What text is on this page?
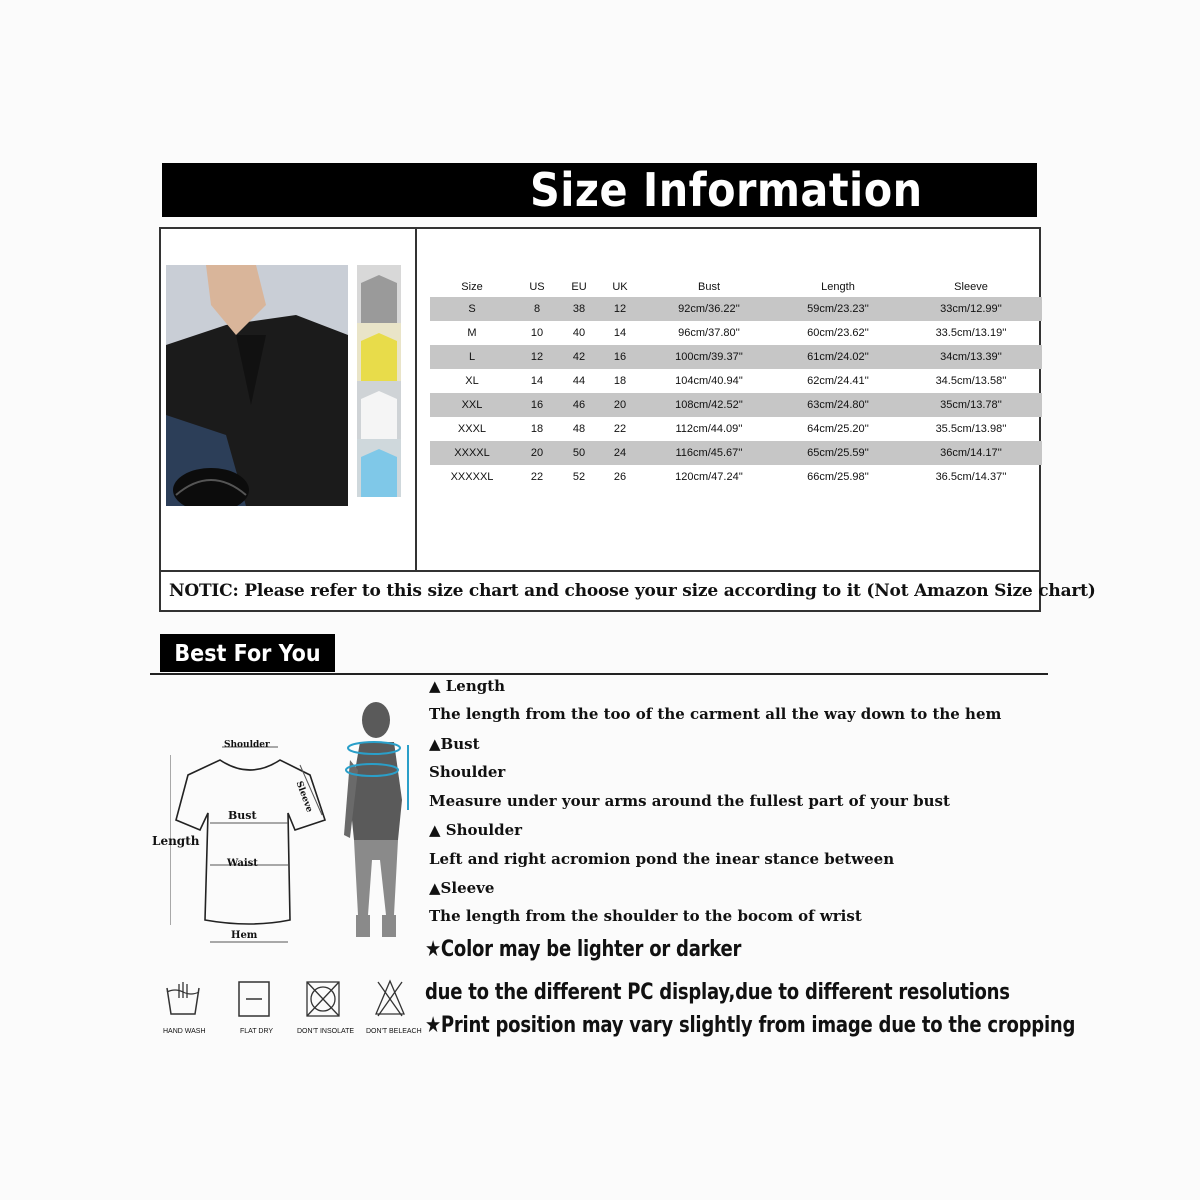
Size Information
Size	US	EU	UK	Bust	Length	Sleeve
S	8	38	12	92cm/36.22''	59cm/23.23''	33cm/12.99''
M	10	40	14	96cm/37.80''	60cm/23.62''	33.5cm/13.19''
L	12	42	16	100cm/39.37''	61cm/24.02''	34cm/13.39''
XL	14	44	18	104cm/40.94''	62cm/24.41''	34.5cm/13.58''
XXL	16	46	20	108cm/42.52''	63cm/24.80''	35cm/13.78''
XXXL	18	48	22	112cm/44.09''	64cm/25.20''	35.5cm/13.98''
XXXXL	20	50	24	116cm/45.67''	65cm/25.59''	36cm/14.17''
XXXXXL	22	52	26	120cm/47.24''	66cm/25.98''	36.5cm/14.37''
NOTIC: Please refer to this size chart and choose your size according to it (Not Amazon Size chart)
Best For You
Shoulder
Sleeve
Bust
Length
Waist
Hem
▲ Length
The length from the too of the carment all the way down to the hem
▲Bust
Shoulder
Measure under your arms around the fullest part of your bust
▲ Shoulder
Left and right acromion pond the inear stance between
▲Sleeve
The length from the shoulder to the bocom of wrist
★Color may be lighter or darker
due to the different PC display,due to different resolutions
★Print position may vary slightly from image due to the cropping
HAND WASH	FLAT DRY	DON'T INSOLATE DON'T BELEACH
